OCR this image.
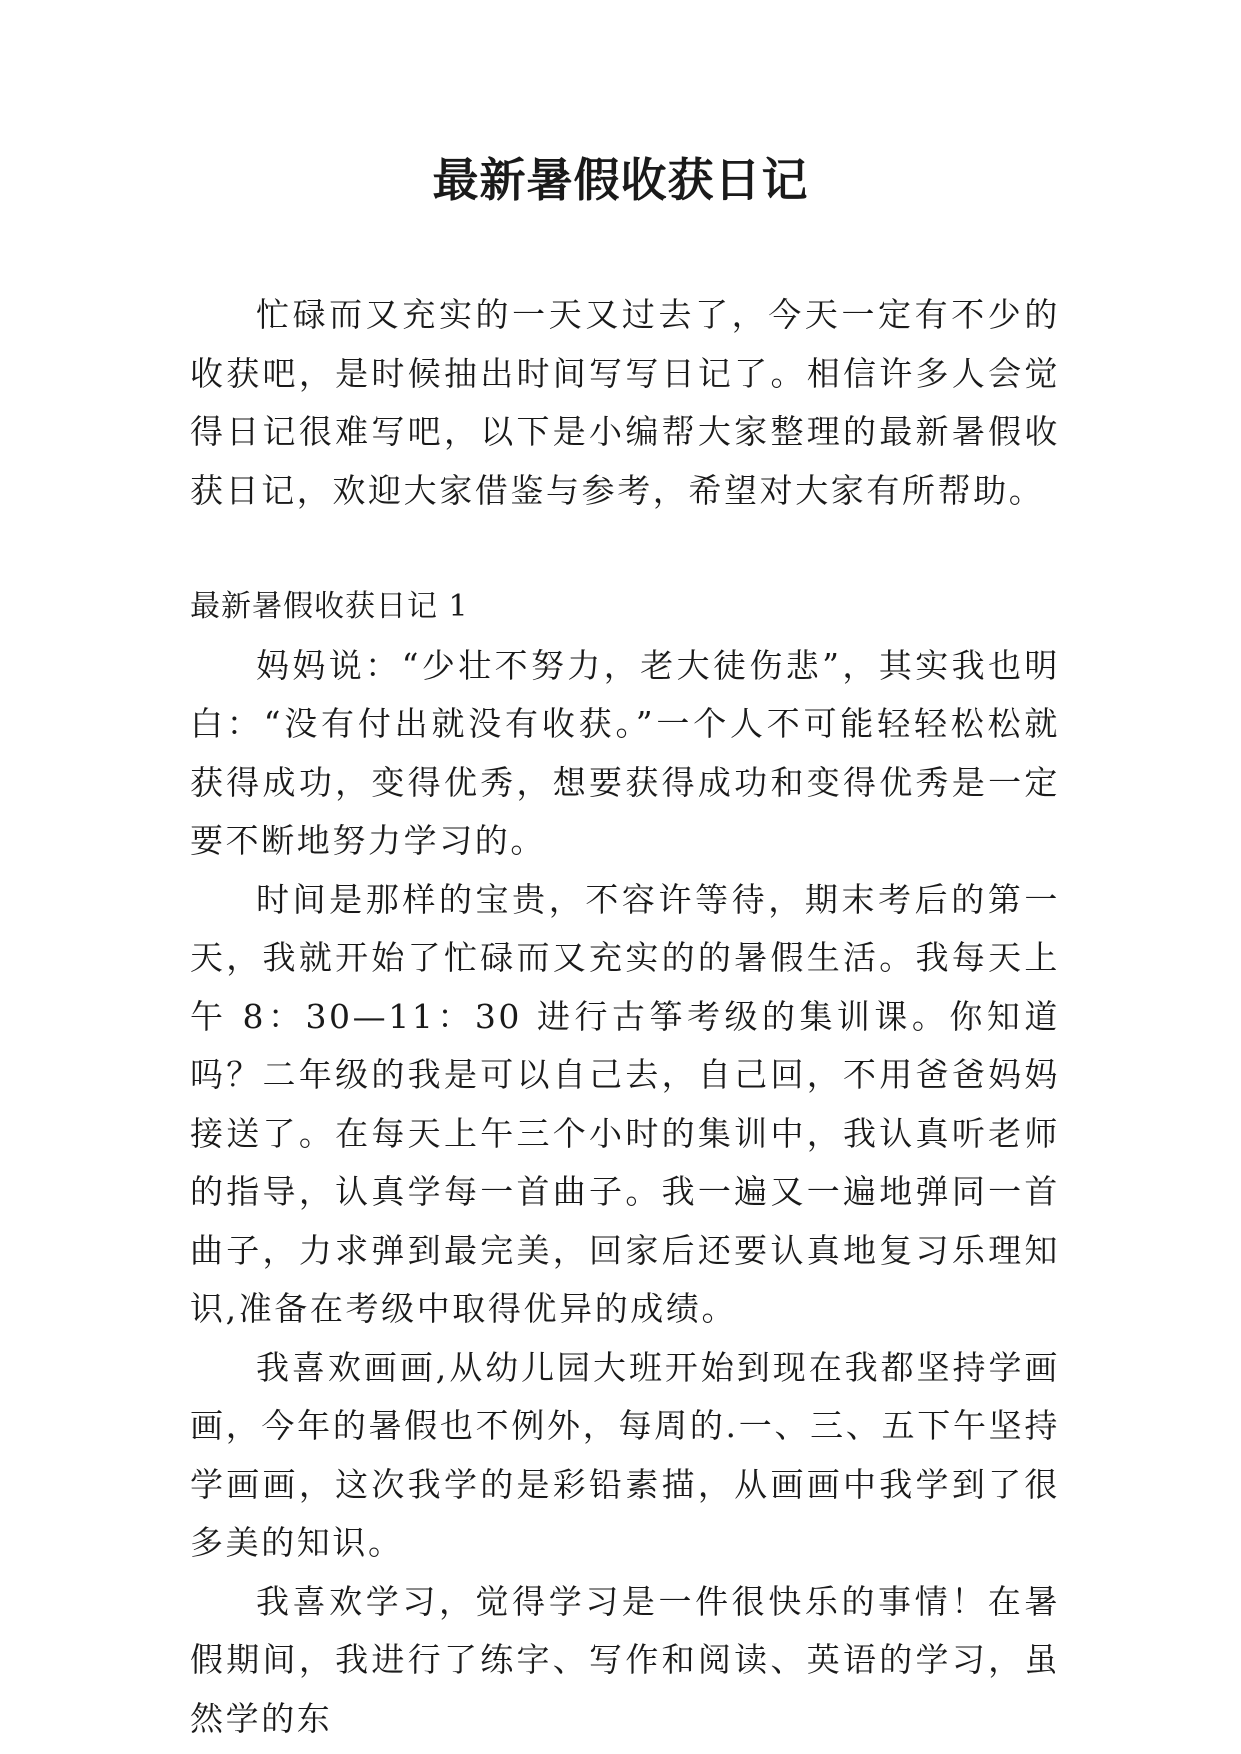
最新暑假收获日记

忙碌而又充实的一天又过去了，今天一定有不少的收获吧，是时候抽出时间写写日记了。相信许多人会觉得日记很难写吧，以下是小编帮大家整理的最新暑假收获日记，欢迎大家借鉴与参考，希望对大家有所帮助。

最新暑假收获日记 1

妈妈说：“少壮不努力，老大徒伤悲”，其实我也明白：“没有付出就没有收获。”一个人不可能轻轻松松就获得成功，变得优秀，想要获得成功和变得优秀是一定要不断地努力学习的。

时间是那样的宝贵，不容许等待，期末考后的第一天，我就开始了忙碌而又充实的的暑假生活。我每天上午 8：30—11：30 进行古筝考级的集训课。你知道吗？二年级的我是可以自己去，自己回，不用爸爸妈妈接送了。在每天上午三个小时的集训中，我认真听老师的指导，认真学每一首曲子。我一遍又一遍地弹同一首曲子，力求弹到最完美，回家后还要认真地复习乐理知识,准备在考级中取得优异的成绩。

我喜欢画画,从幼儿园大班开始到现在我都坚持学画画，今年的暑假也不例外，每周的.一、三、五下午坚持学画画，这次我学的是彩铅素描，从画画中我学到了很多美的知识。

我喜欢学习，觉得学习是一件很快乐的事情！在暑假期间，我进行了练字、写作和阅读、英语的学习，虽然学的东
